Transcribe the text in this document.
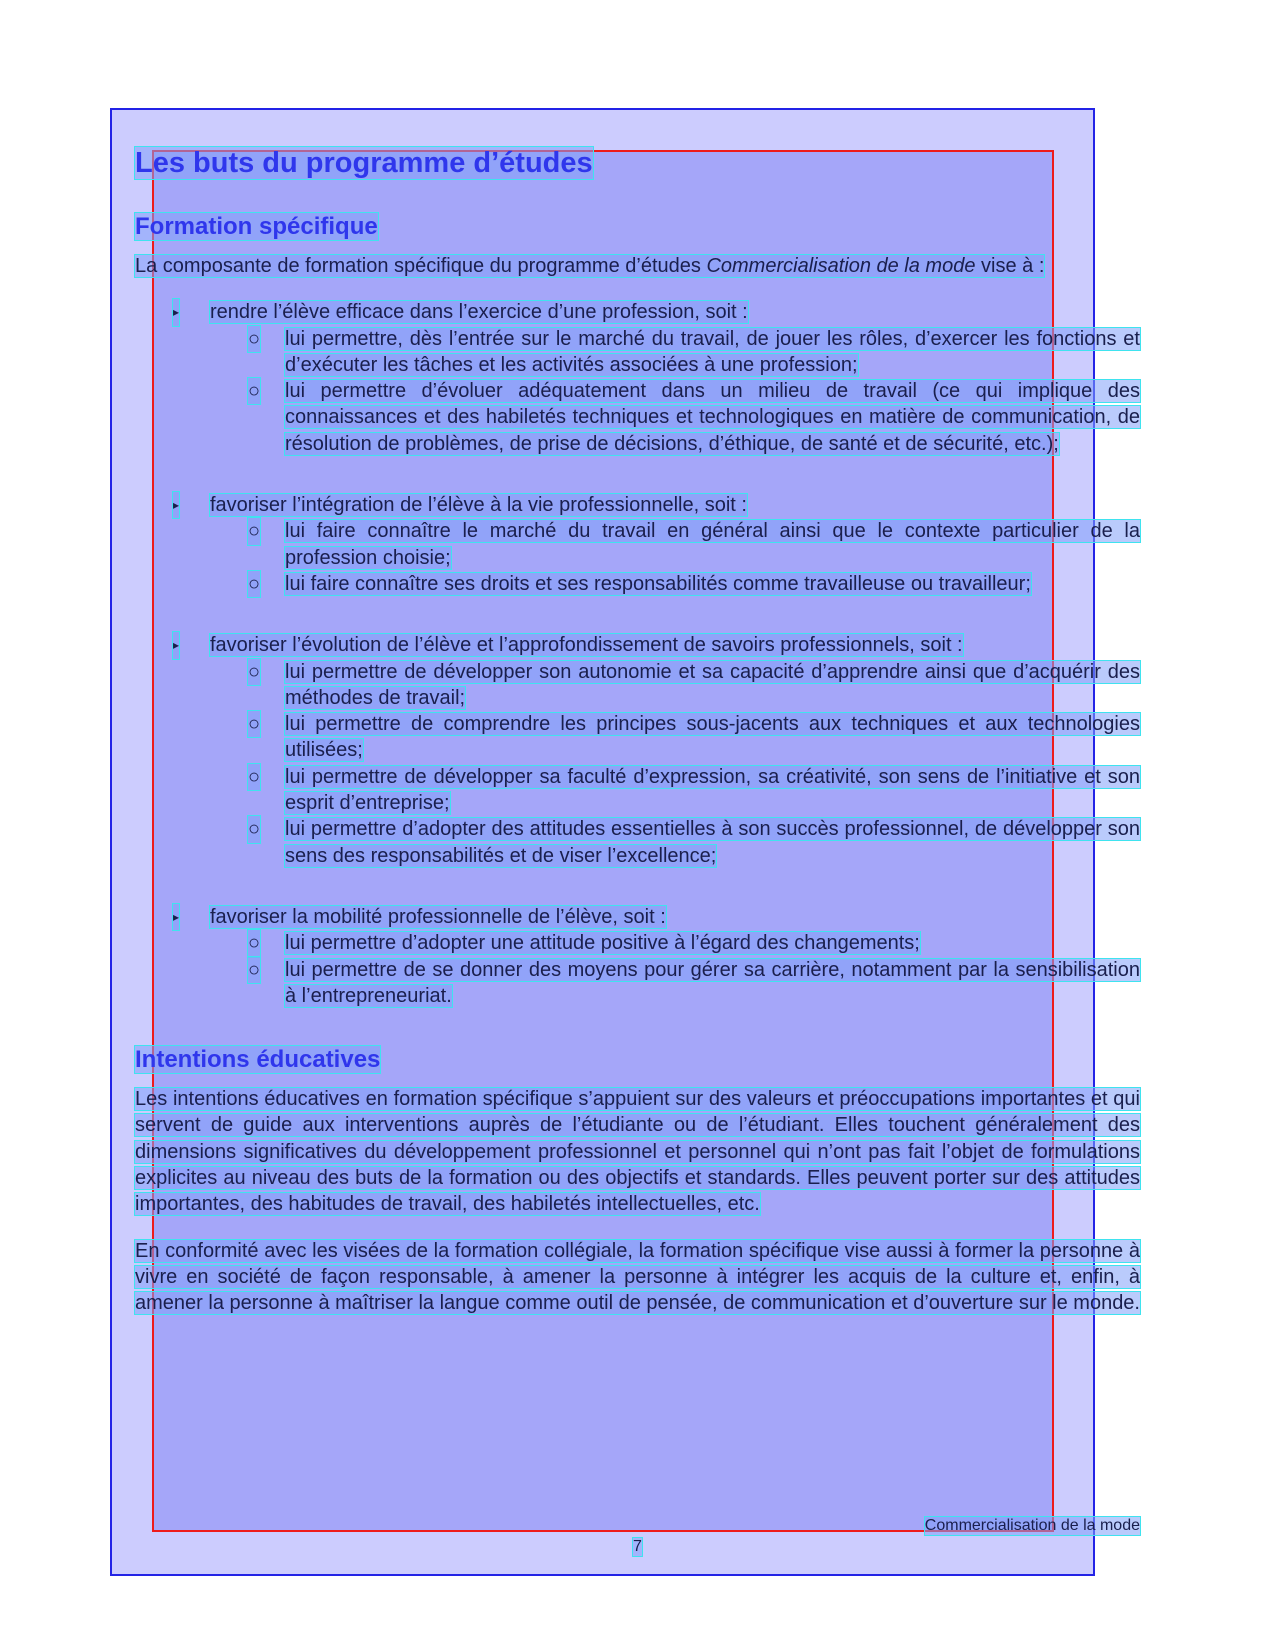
Les buts du programme d’études
Formation spécifique

La composante de formation spécifique du programme d’études Commercialisation de la mode vise à :

▸ rendre l’élève efficace dans l’exercice d’une profession, soit :
○ lui permettre, dès l’entrée sur le marché du travail, de jouer les rôles, d’exercer les fonctions et d’exécuter les tâches et les activités associées à une profession;
○ lui permettre d’évoluer adéquatement dans un milieu de travail (ce qui implique des connaissances et des habiletés techniques et technologiques en matière de communication, de résolution de problèmes, de prise de décisions, d’éthique, de santé et de sécurité, etc.);
▸ favoriser l’intégration de l’élève à la vie professionnelle, soit :
○ lui faire connaître le marché du travail en général ainsi que le contexte particulier de la profession choisie;
○ lui faire connaître ses droits et ses responsabilités comme travailleuse ou travailleur;
▸ favoriser l’évolution de l’élève et l’approfondissement de savoirs professionnels, soit :
○ lui permettre de développer son autonomie et sa capacité d’apprendre ainsi que d’acquérir des méthodes de travail;
○ lui permettre de comprendre les principes sous-jacents aux techniques et aux technologies utilisées;
○ lui permettre de développer sa faculté d’expression, sa créativité, son sens de l’initiative et son esprit d’entreprise;
○ lui permettre d’adopter des attitudes essentielles à son succès professionnel, de développer son sens des responsabilités et de viser l’excellence;
▸ favoriser la mobilité professionnelle de l’élève, soit :
○ lui permettre d’adopter une attitude positive à l’égard des changements;
○ lui permettre de se donner des moyens pour gérer sa carrière, notamment par la sensibilisation à l’entrepreneuriat.
Intentions éducatives

Les intentions éducatives en formation spécifique s’appuient sur des valeurs et préoccupations importantes et qui servent de guide aux interventions auprès de l’étudiante ou de l’étudiant. Elles touchent généralement des dimensions significatives du développement professionnel et personnel qui n’ont pas fait l’objet de formulations explicites au niveau des buts de la formation ou des objectifs et standards. Elles peuvent porter sur des attitudes importantes, des habitudes de travail, des habiletés intellectuelles, etc.

En conformité avec les visées de la formation collégiale, la formation spécifique vise aussi à former la personne à vivre en société de façon responsable, à amener la personne à intégrer les acquis de la culture et, enfin, à amener la personne à maîtriser la langue comme outil de pensée, de communication et d’ouverture sur le monde.

Commercialisation de la mode
7
